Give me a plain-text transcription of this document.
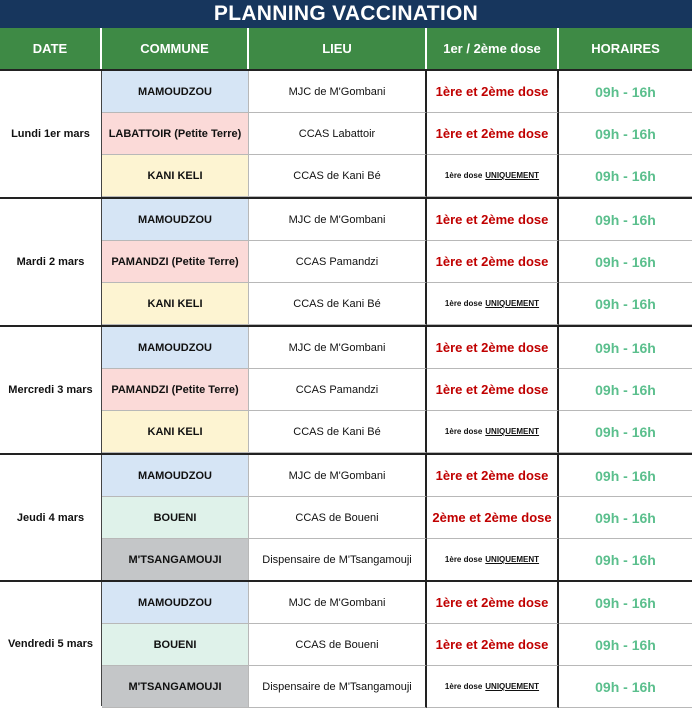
PLANNING VACCINATION
DATE	COMMUNE	LIEU	1er / 2ème dose	HORAIRES
Lundi 1er mars
MAMOUDZOU	MJC de M'Gombani	1ère et 2ème dose	09h - 16h
LABATTOIR (Petite Terre)	CCAS Labattoir	1ère et 2ème dose	09h - 16h
KANI KELI	CCAS de Kani Bé	1ère dose UNIQUEMENT	09h - 16h
Mardi 2 mars
MAMOUDZOU	MJC de M'Gombani	1ère et 2ème dose	09h - 16h
PAMANDZI (Petite Terre)	CCAS Pamandzi	1ère et 2ème dose	09h - 16h
KANI KELI	CCAS de Kani Bé	1ère dose UNIQUEMENT	09h - 16h
Mercredi 3 mars
MAMOUDZOU	MJC de M'Gombani	1ère et 2ème dose	09h - 16h
PAMANDZI (Petite Terre)	CCAS Pamandzi	1ère et 2ème dose	09h - 16h
KANI KELI	CCAS de Kani Bé	1ère dose UNIQUEMENT	09h - 16h
Jeudi 4 mars
MAMOUDZOU	MJC de M'Gombani	1ère et 2ème dose	09h - 16h
BOUENI	CCAS de Boueni	2ème et 2ème dose	09h - 16h
M'TSANGAMOUJI	Dispensaire de M'Tsangamouji	1ère dose UNIQUEMENT	09h - 16h
Vendredi 5 mars
MAMOUDZOU	MJC de M'Gombani	1ère et 2ème dose	09h - 16h
BOUENI	CCAS de Boueni	1ère et 2ème dose	09h - 16h
M'TSANGAMOUJI	Dispensaire de M'Tsangamouji	1ère dose UNIQUEMENT	09h - 16h
